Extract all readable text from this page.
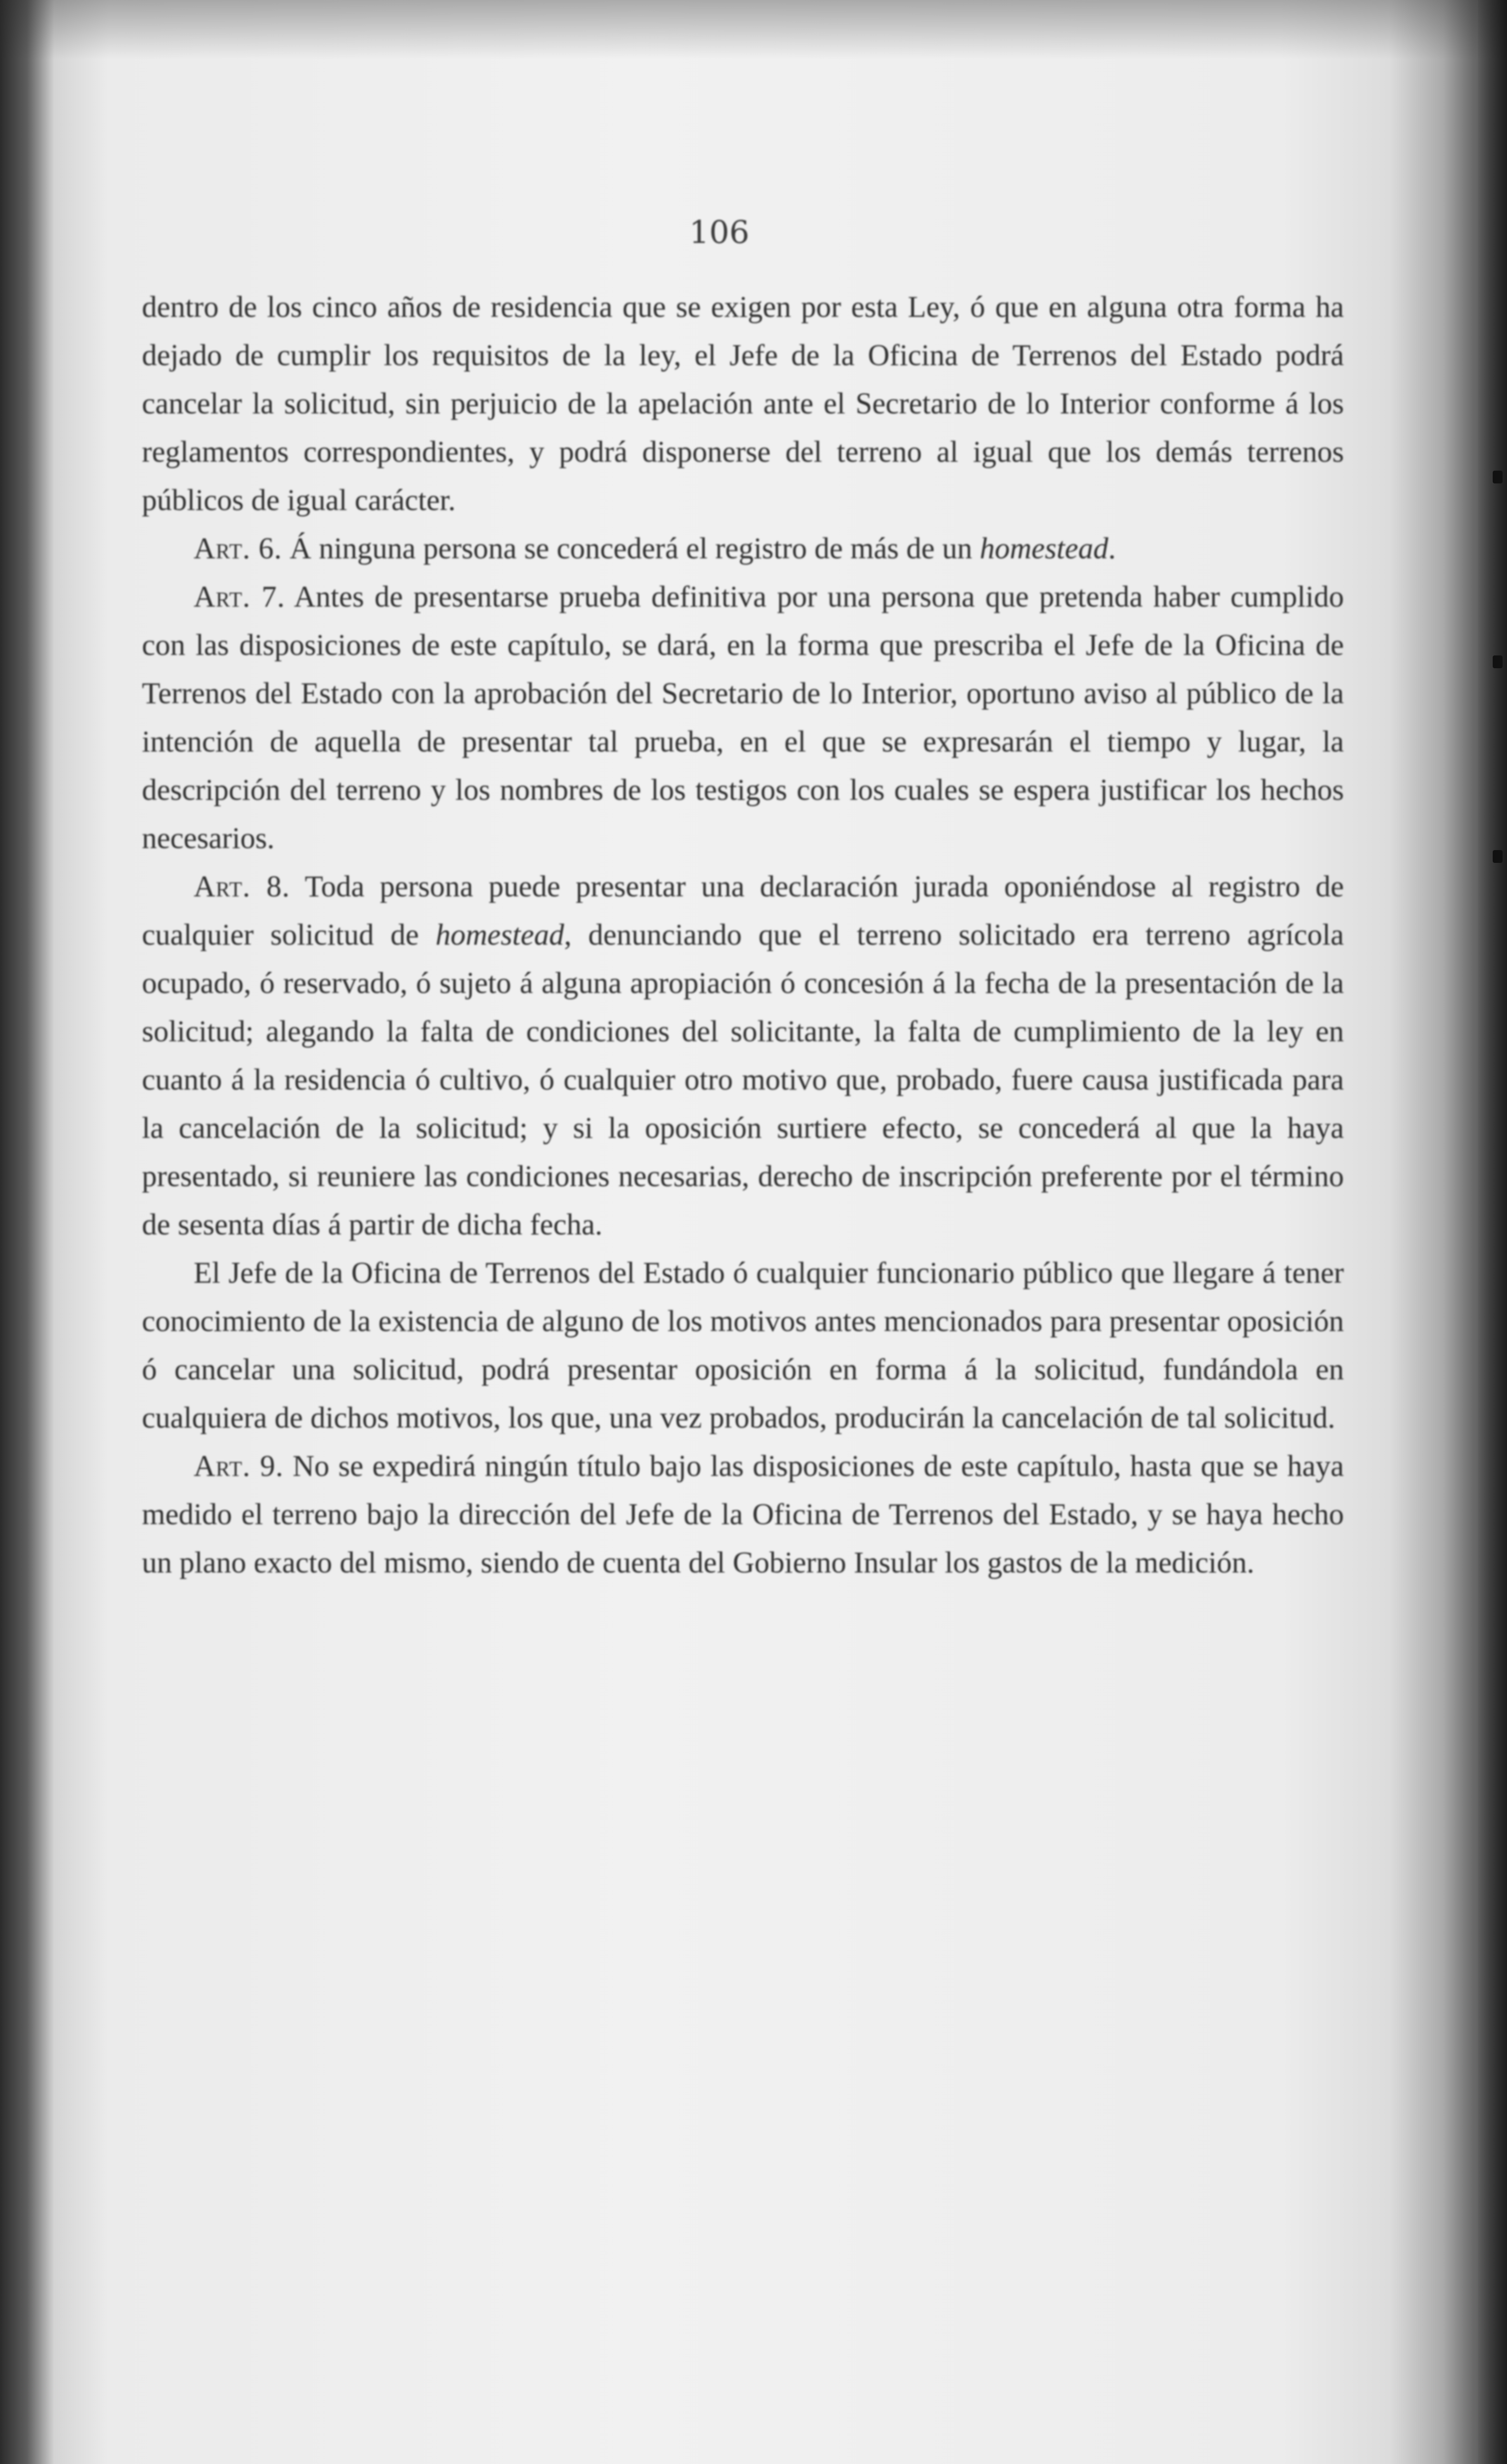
106

dentro de los cinco años de residencia que se exigen por esta Ley, ó que en alguna otra forma ha dejado de cumplir los requisitos de la ley, el Jefe de la Oficina de Terrenos del Estado podrá cancelar la solicitud, sin perjuicio de la apelación ante el Secretario de lo Interior conforme á los reglamentos correspondientes, y podrá disponerse del terreno al igual que los demás terrenos públicos de igual carácter.

Art. 6. Á ninguna persona se concederá el registro de más de un homestead.

Art. 7. Antes de presentarse prueba definitiva por una persona que pretenda haber cumplido con las disposiciones de este capítulo, se dará, en la forma que prescriba el Jefe de la Oficina de Terrenos del Estado con la aprobación del Secretario de lo Interior, oportuno aviso al público de la intención de aquella de presentar tal prueba, en el que se expresarán el tiempo y lugar, la descripción del terreno y los nombres de los testigos con los cuales se espera justificar los hechos necesarios.

Art. 8. Toda persona puede presentar una declaración jurada oponiéndose al registro de cualquier solicitud de homestead, denunciando que el terreno solicitado era terreno agrícola ocupado, ó reservado, ó sujeto á alguna apropiación ó concesión á la fecha de la presentación de la solicitud; alegando la falta de condiciones del solicitante, la falta de cumplimiento de la ley en cuanto á la residencia ó cultivo, ó cualquier otro motivo que, probado, fuere causa justificada para la cancelación de la solicitud; y si la oposición surtiere efecto, se concederá al que la haya presentado, si reuniere las condiciones necesarias, derecho de inscripción preferente por el término de sesenta días á partir de dicha fecha.

El Jefe de la Oficina de Terrenos del Estado ó cualquier funcionario público que llegare á tener conocimiento de la existencia de alguno de los motivos antes mencionados para presentar oposición ó cancelar una solicitud, podrá presentar oposición en forma á la solicitud, fundándola en cualquiera de dichos motivos, los que, una vez probados, producirán la cancelación de tal solicitud.

Art. 9. No se expedirá ningún título bajo las disposiciones de este capítulo, hasta que se haya medido el terreno bajo la dirección del Jefe de la Oficina de Terrenos del Estado, y se haya hecho un plano exacto del mismo, siendo de cuenta del Gobierno Insular los gastos de la medición.
